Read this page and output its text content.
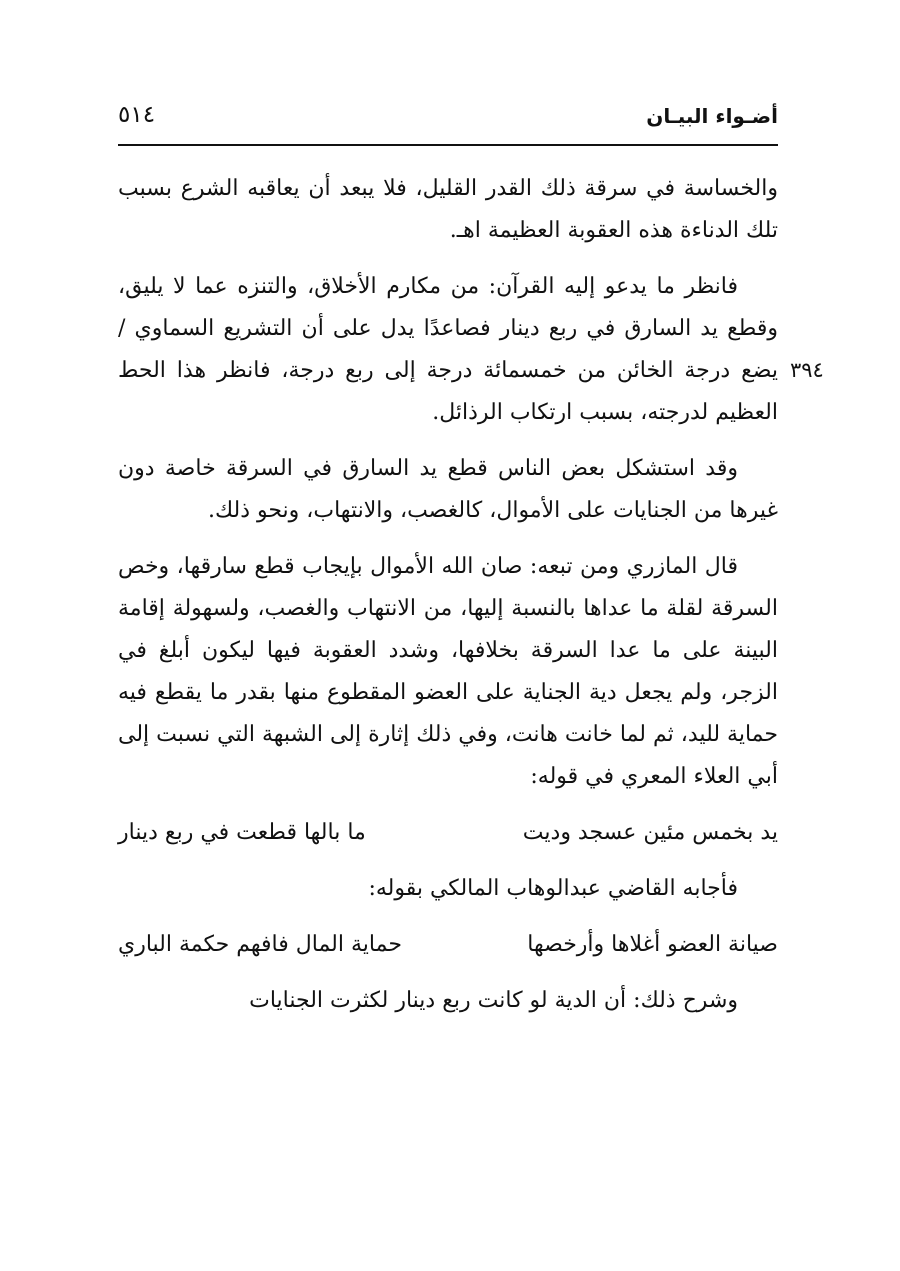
أضـواء البيـان
٥١٤
٣٩٤

والخساسة في سرقة ذلك القدر القليل، فلا يبعد أن يعاقبه الشرع بسبب تلك الدناءة هذه العقوبة العظيمة اهـ.

فانظر ما يدعو إليه القرآن: من مكارم الأخلاق، والتنزه عما لا يليق، وقطع يد السارق في ربع دينار فصاعدًا يدل على أن التشريع السماوي / يضع درجة الخائن من خمسمائة درجة إلى ربع درجة، فانظر هذا الحط العظيم لدرجته، بسبب ارتكاب الرذائل.

وقد استشكل بعض الناس قطع يد السارق في السرقة خاصة دون غيرها من الجنايات على الأموال، كالغصب، والانتهاب، ونحو ذلك.

قال المازري ومن تبعه: صان الله الأموال بإيجاب قطع سارقها، وخص السرقة لقلة ما عداها بالنسبة إليها، من الانتهاب والغصب، ولسهولة إقامة البينة على ما عدا السرقة بخلافها، وشدد العقوبة فيها ليكون أبلغ في الزجر، ولم يجعل دية الجناية على العضو المقطوع منها بقدر ما يقطع فيه حماية لليد، ثم لما خانت هانت، وفي ذلك إثارة إلى الشبهة التي نسبت إلى أبي العلاء المعري في قوله:

يد بخمس مئين عسجد وديت
ما بالها قطعت في ربع دينار

فأجابه القاضي عبدالوهاب المالكي بقوله:

صيانة العضو أغلاها وأرخصها
حماية المال فافهم حكمة الباري

وشرح ذلك: أن الدية لو كانت ربع دينار لكثرت الجنايات
